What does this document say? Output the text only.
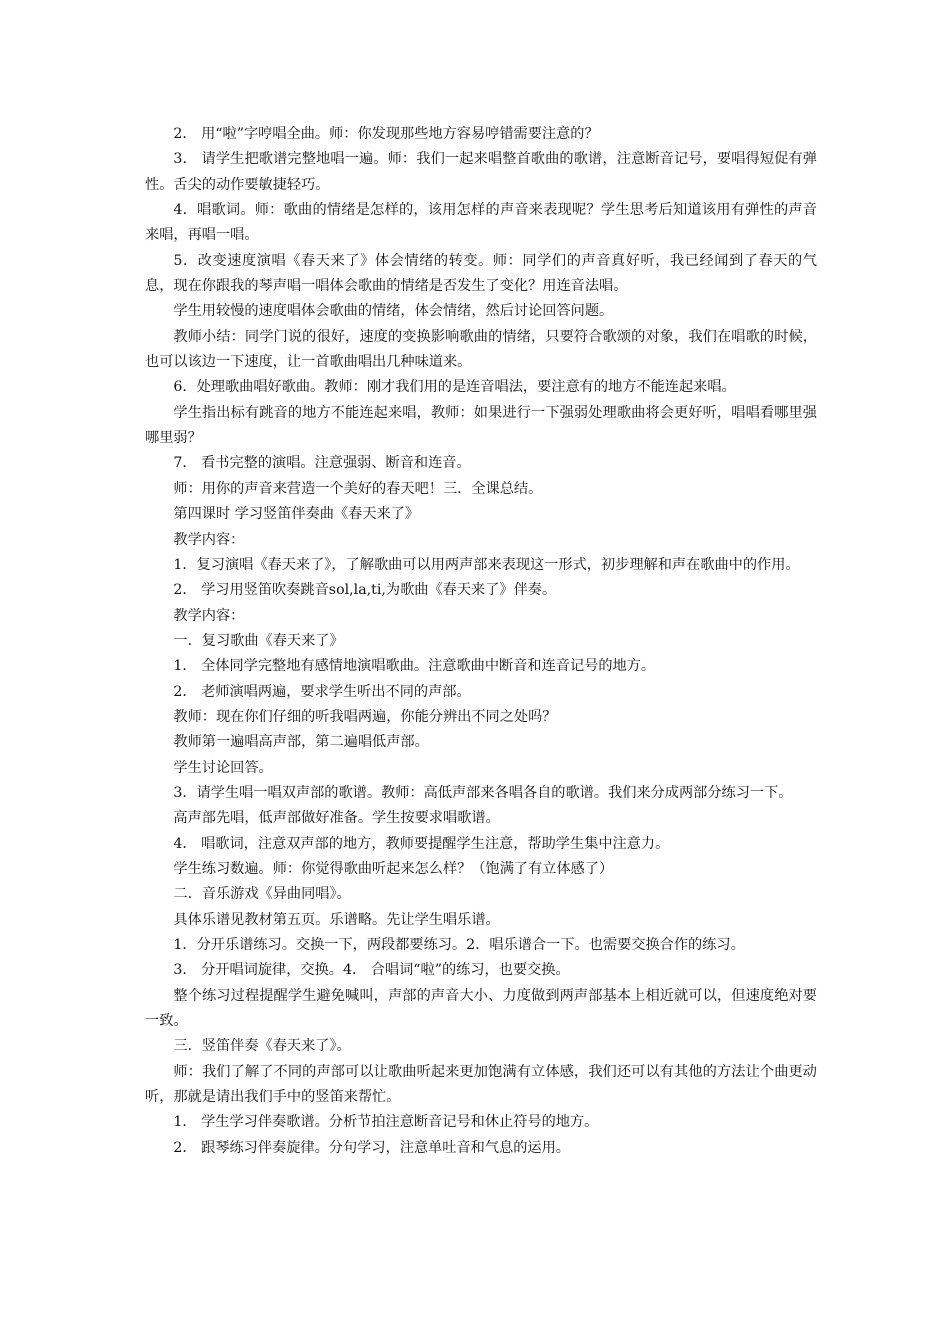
2． 用“啦”字哼唱全曲。师：你发现那些地方容易哼错需要注意的？

3． 请学生把歌谱完整地唱一遍。师：我们一起来唱整首歌曲的歌谱，注意断音记号，要唱得短促有弹性。舌尖的动作要敏捷轻巧。

4．唱歌词。师：歌曲的情绪是怎样的，该用怎样的声音来表现呢？学生思考后知道该用有弹性的声音来唱，再唱一唱。

5．改变速度演唱《春天来了》体会情绪的转变。师：同学们的声音真好听，我已经闻到了春天的气息，现在你跟我的琴声唱一唱体会歌曲的情绪是否发生了变化？用连音法唱。

学生用较慢的速度唱体会歌曲的情绪，体会情绪，然后讨论回答问题。

教师小结：同学门说的很好，速度的变换影响歌曲的情绪，只要符合歌颂的对象，我们在唱歌的时候，也可以该边一下速度，让一首歌曲唱出几种味道来。

6．处理歌曲唱好歌曲。教师：刚才我们用的是连音唱法，要注意有的地方不能连起来唱。

学生指出标有跳音的地方不能连起来唱，教师：如果进行一下强弱处理歌曲将会更好听，唱唱看哪里强哪里弱？

7． 看书完整的演唱。注意强弱、断音和连音。

师：用你的声音来营造一个美好的春天吧！三．全课总结。

第四课时 学习竖笛伴奏曲《春天来了》

教学内容：

1．复习演唱《春天来了》，了解歌曲可以用两声部来表现这一形式，初步理解和声在歌曲中的作用。

2． 学习用竖笛吹奏跳音sol,la,ti,为歌曲《春天来了》伴奏。

教学内容：

一．复习歌曲《春天来了》

1． 全体同学完整地有感情地演唱歌曲。注意歌曲中断音和连音记号的地方。

2． 老师演唱两遍，要求学生听出不同的声部。

教师：现在你们仔细的听我唱两遍，你能分辨出不同之处吗？

教师第一遍唱高声部，第二遍唱低声部。

学生讨论回答。

3．请学生唱一唱双声部的歌谱。教师：高低声部来各唱各自的歌谱。我们来分成两部分练习一下。

高声部先唱，低声部做好准备。学生按要求唱歌谱。

4． 唱歌词，注意双声部的地方，教师要提醒学生注意，帮助学生集中注意力。

学生练习数遍。师：你觉得歌曲听起来怎么样？（饱满了有立体感了）

二．音乐游戏《异曲同唱》。

具体乐谱见教材第五页。乐谱略。先让学生唱乐谱。

1．分开乐谱练习。交换一下，两段都要练习。2．唱乐谱合一下。也需要交换合作的练习。

3． 分开唱词旋律，交换。4． 合唱词“啦”的练习，也要交换。

整个练习过程提醒学生避免喊叫，声部的声音大小、力度做到两声部基本上相近就可以，但速度绝对要一致。

三．竖笛伴奏《春天来了》。

师：我们了解了不同的声部可以让歌曲听起来更加饱满有立体感，我们还可以有其他的方法让个曲更动听，那就是请出我们手中的竖笛来帮忙。

1． 学生学习伴奏歌谱。分析节拍注意断音记号和休止符号的地方。

2． 跟琴练习伴奏旋律。分句学习，注意单吐音和气息的运用。
